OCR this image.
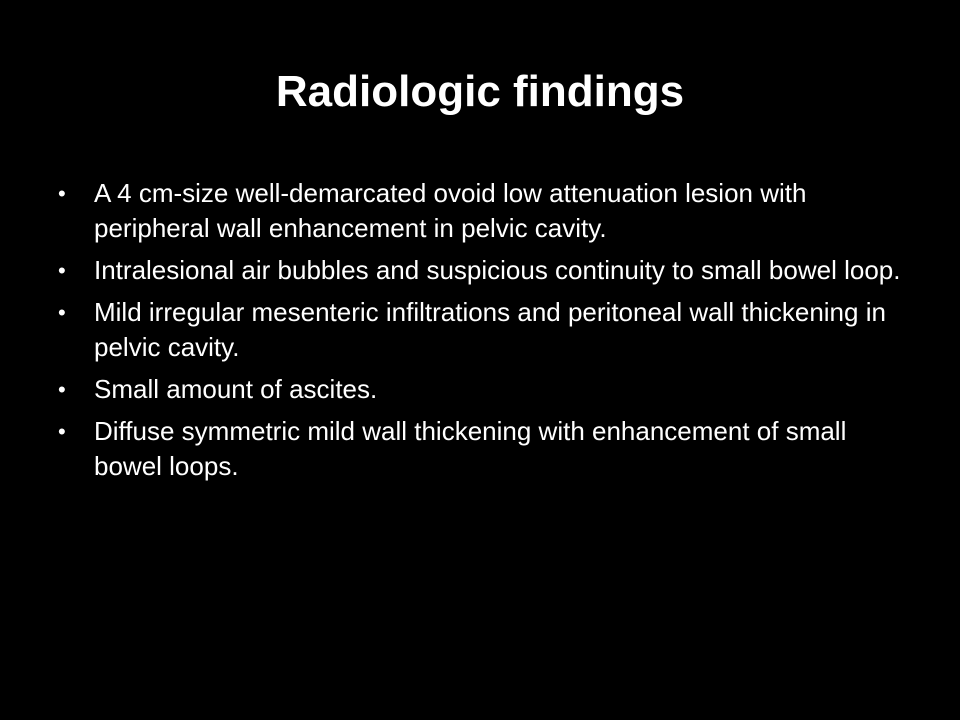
Radiologic findings
•	A 4 cm-size well-demarcated ovoid low attenuation lesion with peripheral wall enhancement in pelvic cavity.
•	Intralesional air bubbles and suspicious continuity to small bowel loop.
•	Mild irregular mesenteric infiltrations and peritoneal wall thickening in pelvic cavity.
•	Small amount of ascites.
•	Diffuse symmetric mild wall thickening with enhancement of small bowel loops.
